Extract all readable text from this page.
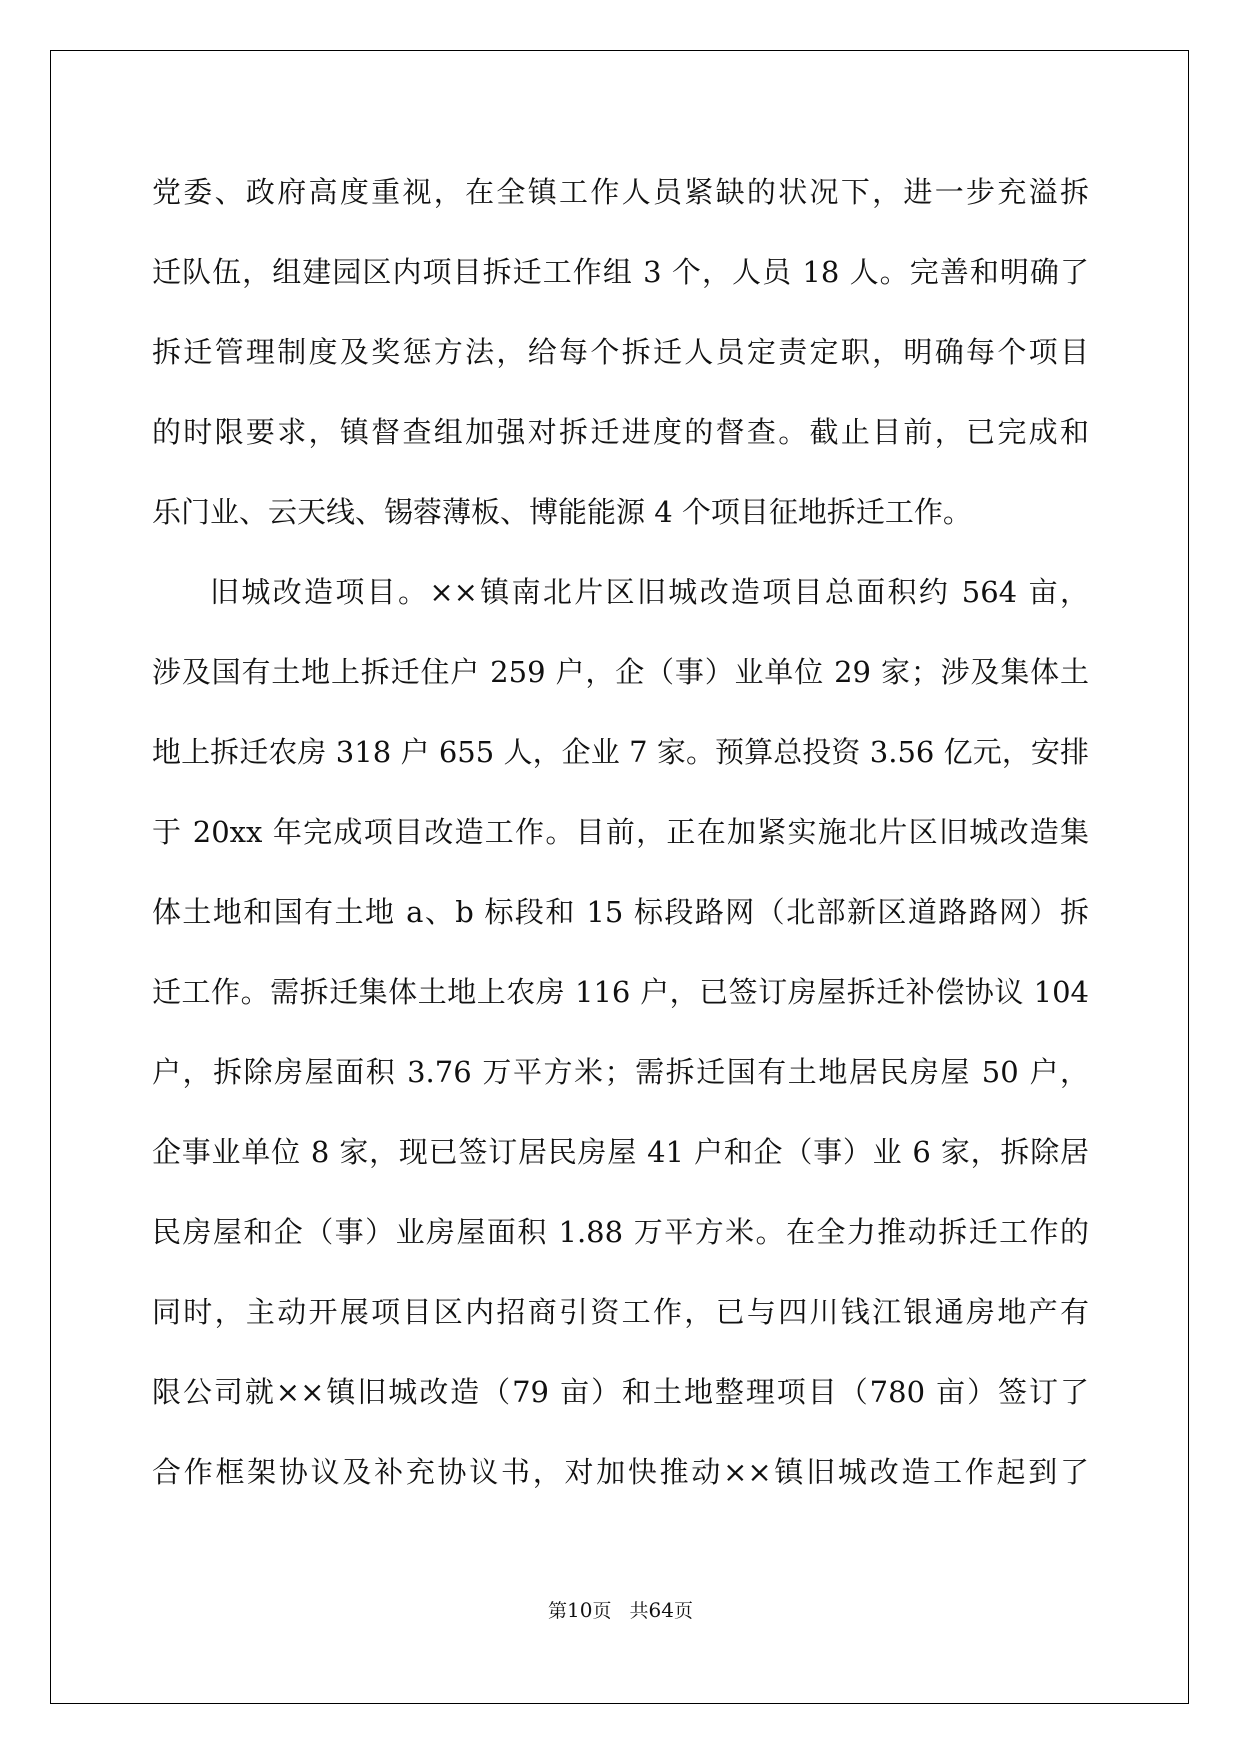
党委、政府高度重视，在全镇工作人员紧缺的状况下，进一步充溢拆
迁队伍，组建园区内项目拆迁工作组 3 个，人员 18 人。完善和明确了
拆迁管理制度及奖惩方法，给每个拆迁人员定责定职，明确每个项目
的时限要求，镇督查组加强对拆迁进度的督查。截止目前，已完成和
乐门业、云天线、锡蓉薄板、博能能源 4 个项目征地拆迁工作。
旧城改造项目。××镇南北片区旧城改造项目总面积约 564 亩，
涉及国有土地上拆迁住户 259 户，企（事）业单位 29 家；涉及集体土
地上拆迁农房 318 户 655 人，企业 7 家。预算总投资 3.56 亿元，安排
于 20xx 年完成项目改造工作。目前，正在加紧实施北片区旧城改造集
体土地和国有土地 a、b 标段和 15 标段路网（北部新区道路路网）拆
迁工作。需拆迁集体土地上农房 116 户，已签订房屋拆迁补偿协议 104
户，拆除房屋面积 3.76 万平方米；需拆迁国有土地居民房屋 50 户，
企事业单位 8 家，现已签订居民房屋 41 户和企（事）业 6 家，拆除居
民房屋和企（事）业房屋面积 1.88 万平方米。在全力推动拆迁工作的
同时，主动开展项目区内招商引资工作，已与四川钱江银通房地产有
限公司就××镇旧城改造（79 亩）和土地整理项目（780 亩）签订了
合作框架协议及补充协议书，对加快推动××镇旧城改造工作起到了
第10页 共64页
